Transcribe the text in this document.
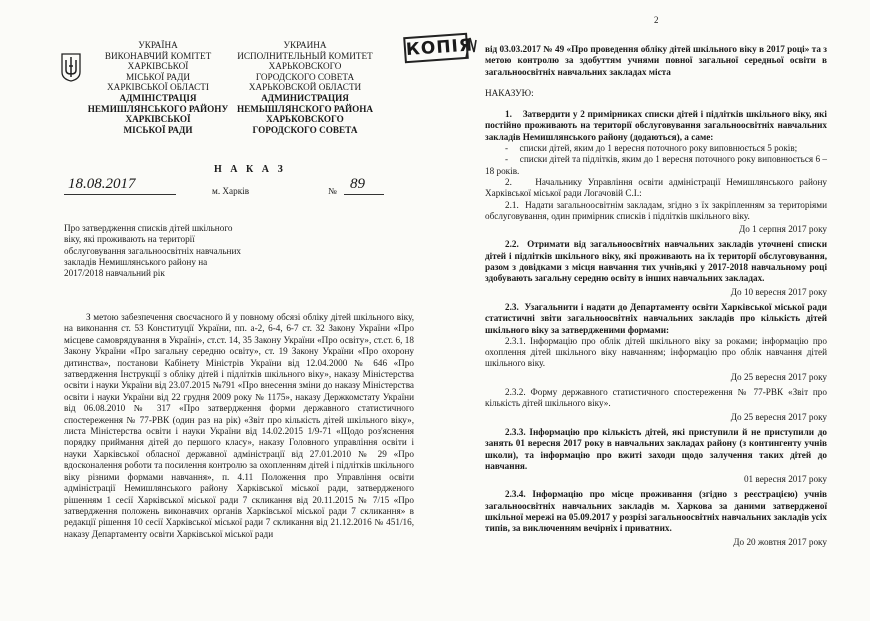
2
УКРАЇНА
ВИКОНАВЧИЙ КОМІТЕТ
ХАРКІВСЬКОЇ
МІСЬКОЇ РАДИ
ХАРКІВСЬКОЇ ОБЛАСТІ
АДМІНІСТРАЦІЯ
НЕМИШЛЯНСЬКОГО РАЙОНУ
ХАРКІВСЬКОЇ
МІСЬКОЇ РАДИ
УКРАИНА
ИСПОЛНИТЕЛЬНЫЙ КОМИТЕТ
ХАРЬКОВСКОГО
ГОРОДСКОГО СОВЕТА
ХАРЬКОВСКОЙ ОБЛАСТИ
АДМИНИСТРАЦИЯ
НЕМЫШЛЯНСКОГО РАЙОНА
ХАРЬКОВСКОГО
ГОРОДСКОГО СОВЕТА
КОПІЯ
Н А К А З
18.08.2017	м. Харків	№ 89
Про затвердження списків дітей шкільного віку, які проживають на території обслуговування загальноосвітніх навчальних закладів Немишлянського району на 2017/2018 навчальний рік

З метою забезпечення своєчасного й у повному обсязі обліку дітей шкільного віку, на виконання ст. 53 Конституції України, пп. а-2, 6-4, 6-7 ст. 32 Закону України «Про місцеве самоврядування в Україні», ст.ст. 14, 35 Закону України «Про освіту», ст.ст. 6, 18 Закону України «Про загальну середню освіту», ст. 19 Закону України «Про охорону дитинства», постанови Кабінету Міністрів України від 12.04.2000 № 646 «Про затвердження Інструкції з обліку дітей і підлітків шкільного віку», наказу Міністерства освіти і науки України від 23.07.2015 №791 «Про внесення зміни до наказу Міністерства освіти і науки України від 22 грудня 2009 року № 1175», наказу Держкомстату України від 06.08.2010 № 317 «Про затвердження форми державного статистичного спостереження № 77-РВК (один раз на рік) «Звіт про кількість дітей шкільного віку», листа Міністерства освіти і науки України від 14.02.2015 1/9-71 «Щодо роз'яснення порядку приймання дітей до першого класу», наказу Головного управління освіти і науки Харківської обласної державної адміністрації від 27.01.2010 № 29 «Про вдосконалення роботи та посилення контролю за охопленням дітей і підлітків шкільного віку різними формами навчання», п. 4.11 Положення про Управління освіти адміністрації Немишлянського району Харківської міської ради, затвердженого рішенням 1 сесії Харківської міської ради 7 скликання від 20.11.2015 № 7/15 «Про затвердження положень виконавчих органів Харківської міської ради 7 скликання» в редакції рішення 10 сесії Харківської міської ради 7 скликання від 21.12.2016 № 451/16, наказу Департаменту освіти Харківської міської ради

від 03.03.2017 № 49 «Про проведення обліку дітей шкільного віку в 2017 році» та з метою контролю за здобуттям учнями повної загальної середньої освіти в загальноосвітніх навчальних закладах міста

НАКАЗУЮ:

1.    Затвердити у 2 примірниках списки дітей і підлітків шкільного віку, які постійно проживають на території обслуговування загальноосвітніх навчальних закладів Немишлянського району (додаються), а саме:

-     списки дітей, яким до 1 вересня поточного року виповнюється 5 років;

-     списки дітей та підлітків, яким до 1 вересня поточного року виповнюється 6 – 18 років.

2.    Начальнику Управління освіти адміністрації Немишлянського району Харківської міської ради Логачовій С.І.:

2.1.  Надати загальноосвітнім закладам, згідно з їх закріпленням за територіями обслуговування, один примірник списків і підлітків шкільного віку.

До 1 серпня 2017 року

2.2.  Отримати від загальноосвітніх навчальних закладів уточнені списки дітей і підлітків шкільного віку, які проживають на їх території обслуговування, разом з довідками з місця навчання тих учнів,які у 2017-2018 навчальному році здобувають загальну середню освіту в інших навчальних закладах.

До 10 вересня 2017 року

2.3.  Узагальнити і надати до Департаменту освіти Харківської міської ради статистичні звіти загальноосвітніх навчальних закладів про кількість дітей шкільного віку за затвердженими формами:

2.3.1. Інформацію про облік дітей шкільного віку за роками; інформацію про охоплення дітей шкільного віку навчанням; інформацію про облік навчання дітей шкільного віку.

До 25 вересня 2017 року

2.3.2. Форму державного статистичного спостереження № 77-РВК «Звіт про кількість дітей шкільного віку».

До 25 вересня 2017 року

2.3.3. Інформацію про кількість дітей, які приступили й не приступили до занять 01 вересня 2017 року в навчальних закладах району (з контингенту учнів школи), та інформацію про вжиті заходи щодо залучення таких дітей до навчання.

01 вересня 2017 року

2.3.4. Інформацію про місце проживання (згідно з реєстрацією) учнів загальноосвітніх навчальних закладів м. Харкова за даними затвердженої шкільної мережі на 05.09.2017 у розрізі загальноосвітніх навчальних закладів усіх типів, за виключенням вечірніх і приватних.

До 20 жовтня 2017 року
